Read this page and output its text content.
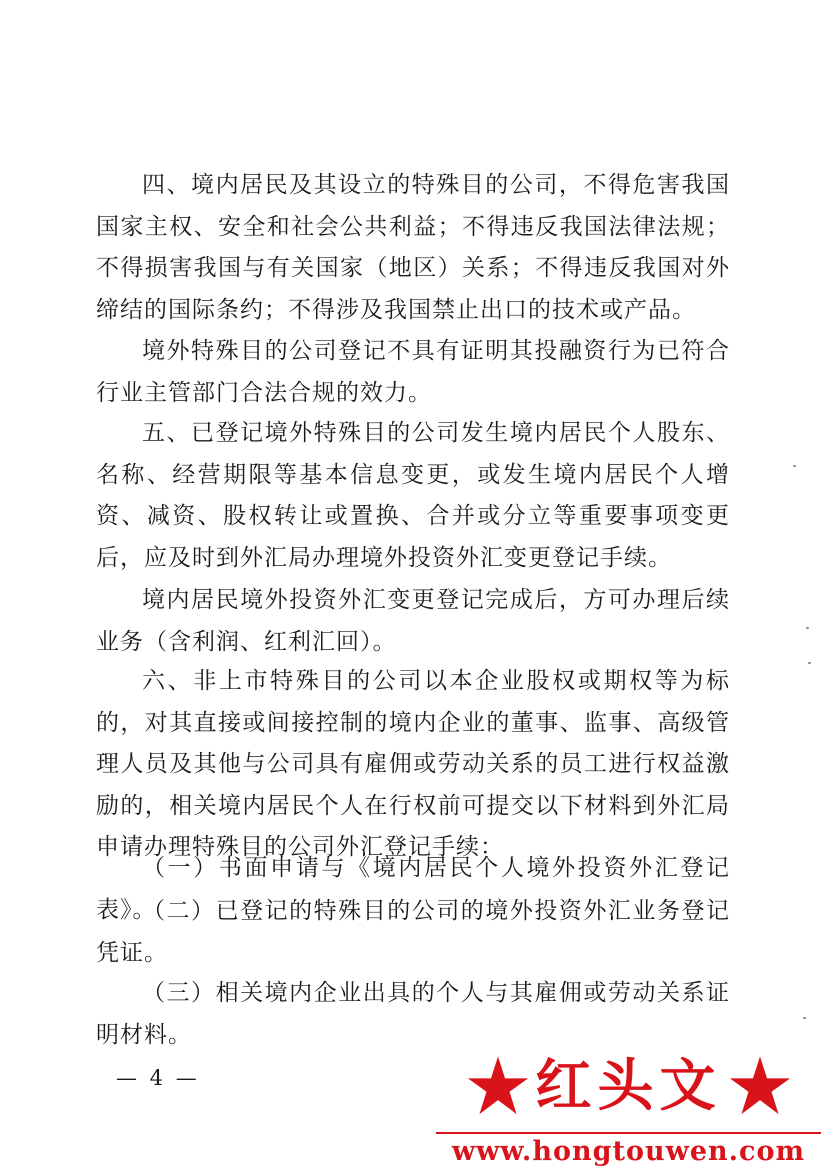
四、境内居民及其设立的特殊目的公司，不得危害我国国家主权、安全和社会公共利益；不得违反我国法律法规；不得损害我国与有关国家（地区）关系；不得违反我国对外缔结的国际条约；不得涉及我国禁止出口的技术或产品。

境外特殊目的公司登记不具有证明其投融资行为已符合行业主管部门合法合规的效力。

五、已登记境外特殊目的公司发生境内居民个人股东、名称、经营期限等基本信息变更，或发生境内居民个人增资、减资、股权转让或置换、合并或分立等重要事项变更后，应及时到外汇局办理境外投资外汇变更登记手续。

境内居民境外投资外汇变更登记完成后，方可办理后续业务（含利润、红利汇回）。

六、非上市特殊目的公司以本企业股权或期权等为标的，对其直接或间接控制的境内企业的董事、监事、高级管理人员及其他与公司具有雇佣或劳动关系的员工进行权益激励的，相关境内居民个人在行权前可提交以下材料到外汇局申请办理特殊目的公司外汇登记手续：

（一）书面申请与《境内居民个人境外投资外汇登记表》。

（二）已登记的特殊目的公司的境外投资外汇业务登记凭证。

（三）相关境内企业出具的个人与其雇佣或劳动关系证明材料。

— 4 —	红头文
www.hongtouwen.com
